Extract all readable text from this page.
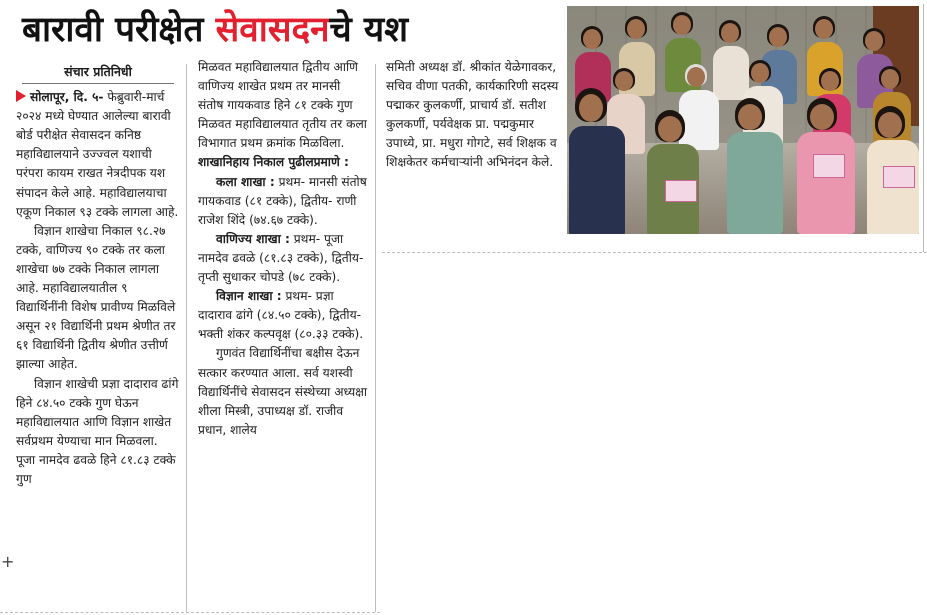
बारावी परीक्षेत सेवासदनचे यश
संचार प्रतिनिधी

सोलापूर, दि. ५- फेब्रुवारी-मार्च २०२४ मध्ये घेण्यात आलेल्या बारावी बोर्ड परीक्षेत सेवासदन कनिष्ठ महाविद्यालयाने उज्ज्वल यशाची परंपरा कायम राखत नेत्रदीपक यश संपादन केले आहे. महाविद्यालयाचा एकूण निकाल ९३ टक्के लागला आहे.

विज्ञान शाखेचा निकाल ९८.२७ टक्के, वाणिज्य ९० टक्के तर कला शाखेचा ७७ टक्के निकाल लागला आहे. महाविद्यालयातील ९ विद्यार्थिनींनी विशेष प्रावीण्य मिळविले असून २१ विद्यार्थिनी प्रथम श्रेणीत तर ६१ विद्यार्थिनी द्वितीय श्रेणीत उत्तीर्ण झाल्या आहेत.

विज्ञान शाखेची प्रज्ञा दादाराव ढांगे हिने ८४.५० टक्के गुण घेऊन महाविद्यालयात आणि विज्ञान शाखेत सर्वप्रथम येण्याचा मान मिळवला. पूजा नामदेव ढवळे हिने ८१.८३ टक्के गुण

मिळवत महाविद्यालयात द्वितीय आणि वाणिज्य शाखेत प्रथम तर मानसी संतोष गायकवाड हिने ८१ टक्के गुण मिळवत महाविद्यालयात तृतीय तर कला विभागात प्रथम क्रमांक मिळविला.

शाखानिहाय निकाल पुढीलप्रमाणे :

कला शाखा : प्रथम- मानसी संतोष गायकवाड (८१ टक्के), द्वितीय- राणी राजेश शिंदे (७४.६७ टक्के).

वाणिज्य शाखा : प्रथम- पूजा नामदेव ढवळे (८१.८३ टक्के), द्वितीय- तृप्ती सुधाकर चोपडे (७८ टक्के).

विज्ञान शाखा : प्रथम- प्रज्ञा दादाराव ढांगे (८४.५० टक्के), द्वितीय- भक्ती शंकर कल्पवृक्ष (८०.३३ टक्के).

गुणवंत विद्यार्थिनींचा बक्षीस देऊन सत्कार करण्यात आला. सर्व यशस्वी विद्यार्थिनींचे सेवासदन संस्थेच्या अध्यक्षा शीला मिस्त्री, उपाध्यक्ष डॉ. राजीव प्रधान, शालेय

समिती अध्यक्ष डॉ. श्रीकांत येळेगावकर, सचिव वीणा पतकी, कार्यकारिणी सदस्य पद्माकर कुलकर्णी, प्राचार्य डॉ. सतीश कुलकर्णी, पर्यवेक्षक प्रा. पद्मकुमार उपाध्ये, प्रा. मधुरा गोगटे, सर्व शिक्षक व शिक्षकेतर कर्मचाऱ्यांनी अभिनंदन केले.

+
